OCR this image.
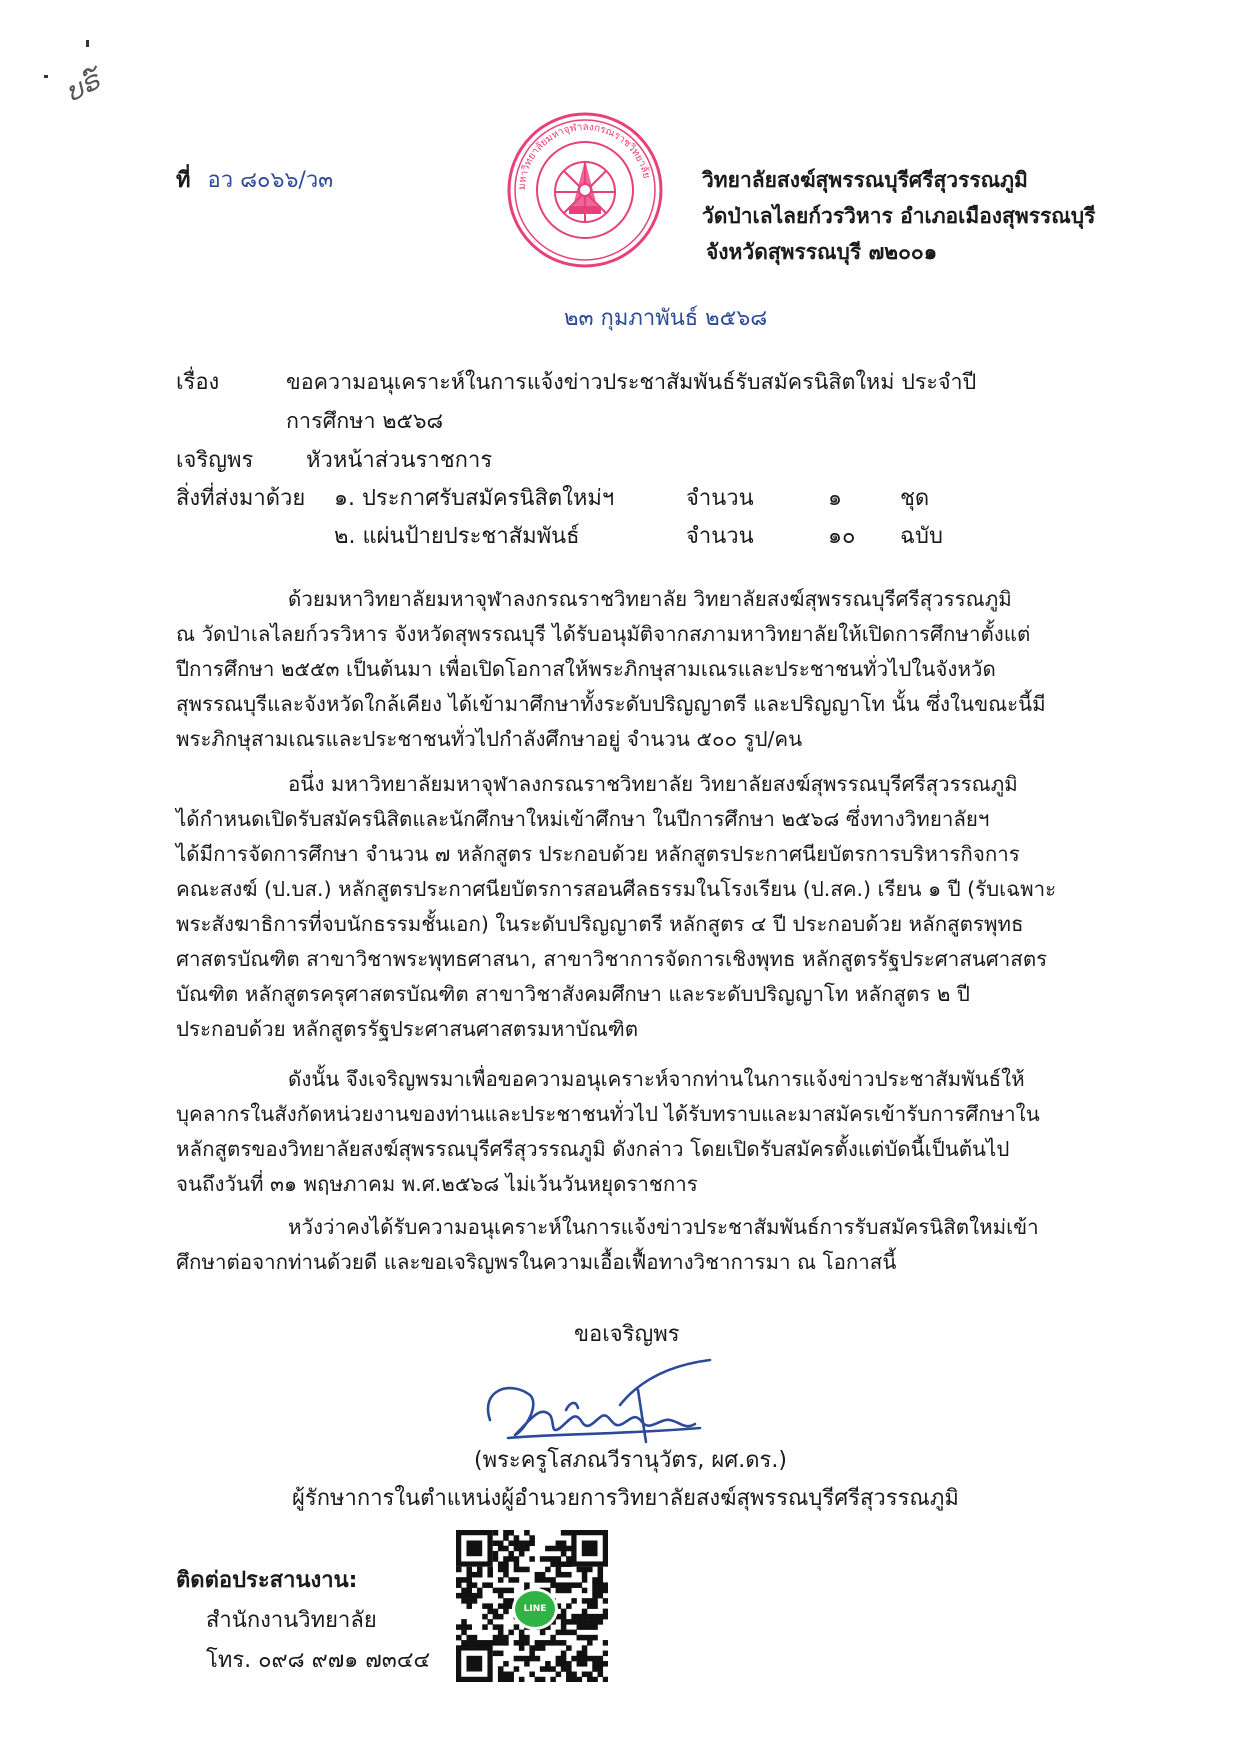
ບຣ໌
ที่ อว ๘๐๖๖/ว๓	มหาวิทยาลัยมหาจุฬาลงกรณราชวิทยาลัย วิทยาลัยสงฆ์สุพรรณบุรีศรีสุวรรณภูมิ
วัดป่าเลไลยก์วรวิหาร อำเภอเมืองสุพรรณบุรี
จังหวัดสุพรรณบุรี ๗๒๐๐๑
๒๓ กุมภาพันธ์ ๒๕๖๘
เรื่อง	ขอความอนุเคราะห์ในการแจ้งข่าวประชาสัมพันธ์รับสมัครนิสิตใหม่ ประจำปี
การศึกษา ๒๕๖๘
เจริญพร หัวหน้าส่วนราชการ
สิ่งที่ส่งมาด้วย ๑. ประกาศรับสมัครนิสิตใหม่ฯ	จำนวน	๑	ชุด
๒. แผ่นป้ายประชาสัมพันธ์	จำนวน	๑๐ ฉบับ
ด้วยมหาวิทยาลัยมหาจุฬาลงกรณราชวิทยาลัย วิทยาลัยสงฆ์สุพรรณบุรีศรีสุวรรณภูมิ
ณ วัดป่าเลไลยก์วรวิหาร จังหวัดสุพรรณบุรี ได้รับอนุมัติจากสภามหาวิทยาลัยให้เปิดการศึกษาตั้งแต่
ปีการศึกษา ๒๕๕๓ เป็นต้นมา เพื่อเปิดโอกาสให้พระภิกษุสามเณรและประชาชนทั่วไปในจังหวัด
สุพรรณบุรีและจังหวัดใกล้เคียง ได้เข้ามาศึกษาทั้งระดับปริญญาตรี และปริญญาโท นั้น ซึ่งในขณะนี้มี
พระภิกษุสามเณรและประชาชนทั่วไปกำลังศึกษาอยู่ จำนวน ๕๐๐ รูป/คน
อนึ่ง มหาวิทยาลัยมหาจุฬาลงกรณราชวิทยาลัย วิทยาลัยสงฆ์สุพรรณบุรีศรีสุวรรณภูมิ
ได้กำหนดเปิดรับสมัครนิสิตและนักศึกษาใหม่เข้าศึกษา ในปีการศึกษา ๒๕๖๘ ซึ่งทางวิทยาลัยฯ
ได้มีการจัดการศึกษา จำนวน ๗ หลักสูตร ประกอบด้วย หลักสูตรประกาศนียบัตรการบริหารกิจการ
คณะสงฆ์ (ป.บส.) หลักสูตรประกาศนียบัตรการสอนศีลธรรมในโรงเรียน (ป.สค.) เรียน ๑ ปี (รับเฉพาะ
พระสังฆาธิการที่จบนักธรรมชั้นเอก) ในระดับปริญญาตรี หลักสูตร ๔ ปี ประกอบด้วย หลักสูตรพุทธ
ศาสตรบัณฑิต สาขาวิชาพระพุทธศาสนา, สาขาวิชาการจัดการเชิงพุทธ หลักสูตรรัฐประศาสนศาสตร
บัณฑิต หลักสูตรครุศาสตรบัณฑิต สาขาวิชาสังคมศึกษา และระดับปริญญาโท หลักสูตร ๒ ปี
ประกอบด้วย หลักสูตรรัฐประศาสนศาสตรมหาบัณฑิต
ดังนั้น จึงเจริญพรมาเพื่อขอความอนุเคราะห์จากท่านในการแจ้งข่าวประชาสัมพันธ์ให้
บุคลากรในสังกัดหน่วยงานของท่านและประชาชนทั่วไป ได้รับทราบและมาสมัครเข้ารับการศึกษาใน
หลักสูตรของวิทยาลัยสงฆ์สุพรรณบุรีศรีสุวรรณภูมิ ดังกล่าว โดยเปิดรับสมัครตั้งแต่บัดนี้เป็นต้นไป
จนถึงวันที่ ๓๑ พฤษภาคม พ.ศ.๒๕๖๘ ไม่เว้นวันหยุดราชการ
หวังว่าคงได้รับความอนุเคราะห์ในการแจ้งข่าวประชาสัมพันธ์การรับสมัครนิสิตใหม่เข้า
ศึกษาต่อจากท่านด้วยดี และขอเจริญพรในความเอื้อเฟื้อทางวิชาการมา ณ โอกาสนี้
ขอเจริญพร
(พระครูโสภณวีรานุวัตร, ผศ.ดร.)
ผู้รักษาการในตำแหน่งผู้อำนวยการวิทยาลัยสงฆ์สุพรรณบุรีศรีสุวรรณภูมิ
ติดต่อประสานงาน:
สำนักงานวิทยาลัย
โทร. ๐๙๘ ๙๗๑ ๗๓๔๔
LINE
